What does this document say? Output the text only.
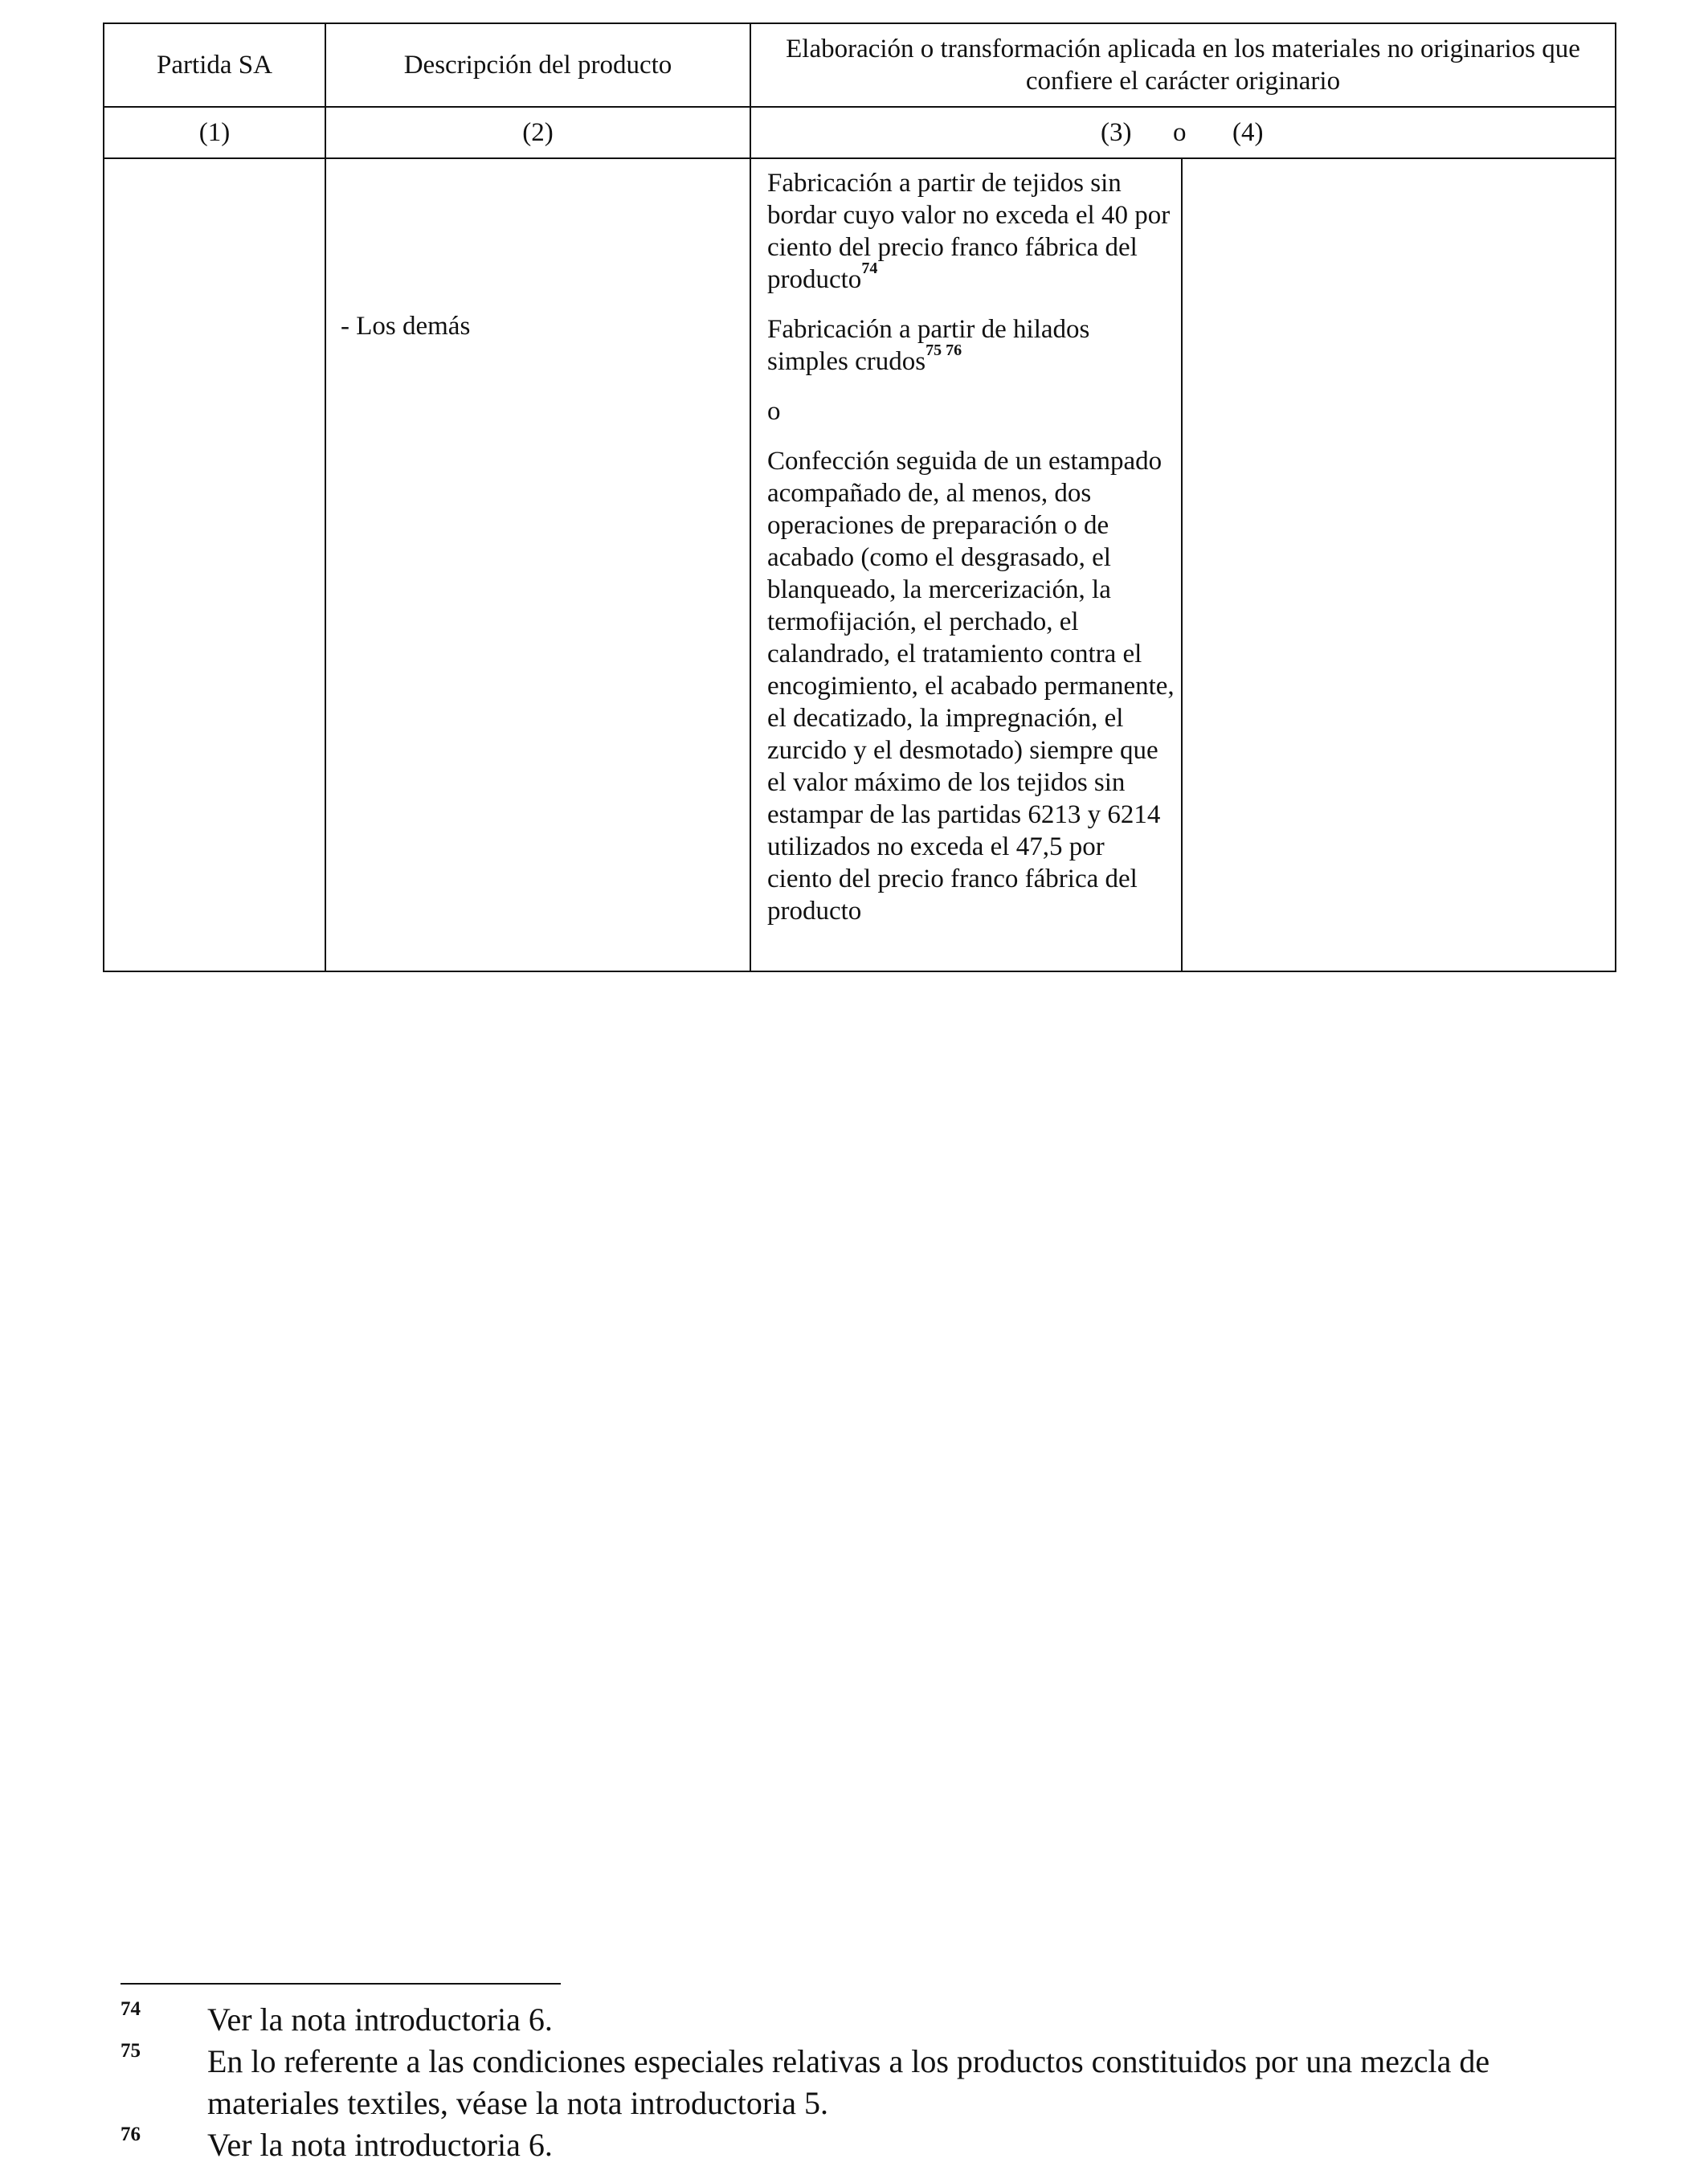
Partida SA	Descripción del producto	Elaboración o transformación aplicada en los materiales no originarios que confiere el carácter originario	

(1)	(2)	(3) o (4)	

	- Los demás	Fabricación a partir de tejidos sin bordar cuyo valor no exceda el 40 por ciento del precio franco fábrica del producto$^{74}$

Fabricación a partir de hilados simples crudos$^{75 76}$

o

Confección seguida de un estampado acompañado de, al menos, dos operaciones de preparación o de acabado (como el desgrasado, el blanqueado, la mercerización, la termofijación, el perchado, el calandrado, el tratamiento contra el encogimiento, el acabado permanente, el decatizado, la impregnación, el zurcido y el desmotado) siempre que el valor máximo de los tejidos sin estampar de las partidas 6213 y 6214 utilizados no exceda el 47,5 por ciento del precio franco fábrica del producto	

74 Ver la nota introductoria 6.
75 En lo referente a las condiciones especiales relativas a los productos constituidos por una mezcla de materiales textiles, véase la nota introductoria 5.
76 Ver la nota introductoria 6.
